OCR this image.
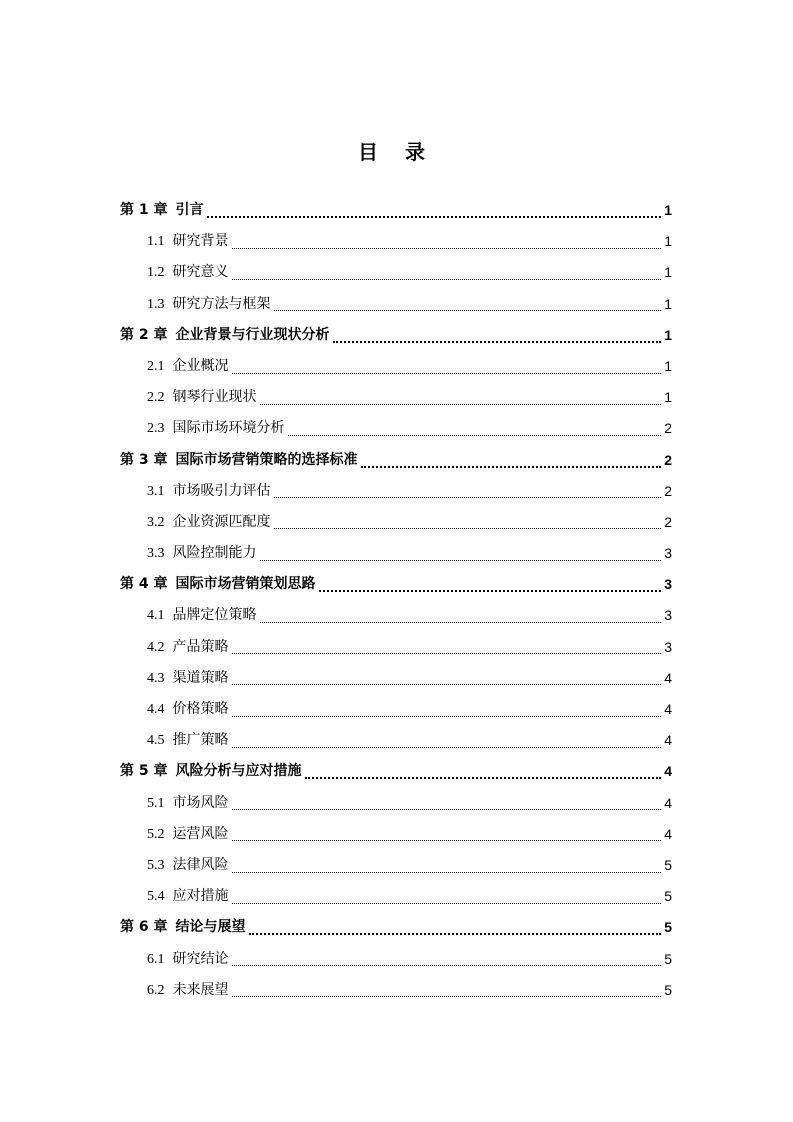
目 录
第 1 章 引言	1
1.1 研究背景	1
1.2 研究意义	1
1.3 研究方法与框架	1
第 2 章 企业背景与行业现状分析	1
2.1 企业概况	1
2.2 钢琴行业现状	1
2.3 国际市场环境分析	2
第 3 章 国际市场营销策略的选择标准	2
3.1 市场吸引力评估	2
3.2 企业资源匹配度	2
3.3 风险控制能力	3
第 4 章 国际市场营销策划思路	3
4.1 品牌定位策略	3
4.2 产品策略	3
4.3 渠道策略	4
4.4 价格策略	4
4.5 推广策略	4
第 5 章 风险分析与应对措施	4
5.1 市场风险	4
5.2 运营风险	4
5.3 法律风险	5
5.4 应对措施	5
第 6 章 结论与展望	5
6.1 研究结论	5
6.2 未来展望	5
